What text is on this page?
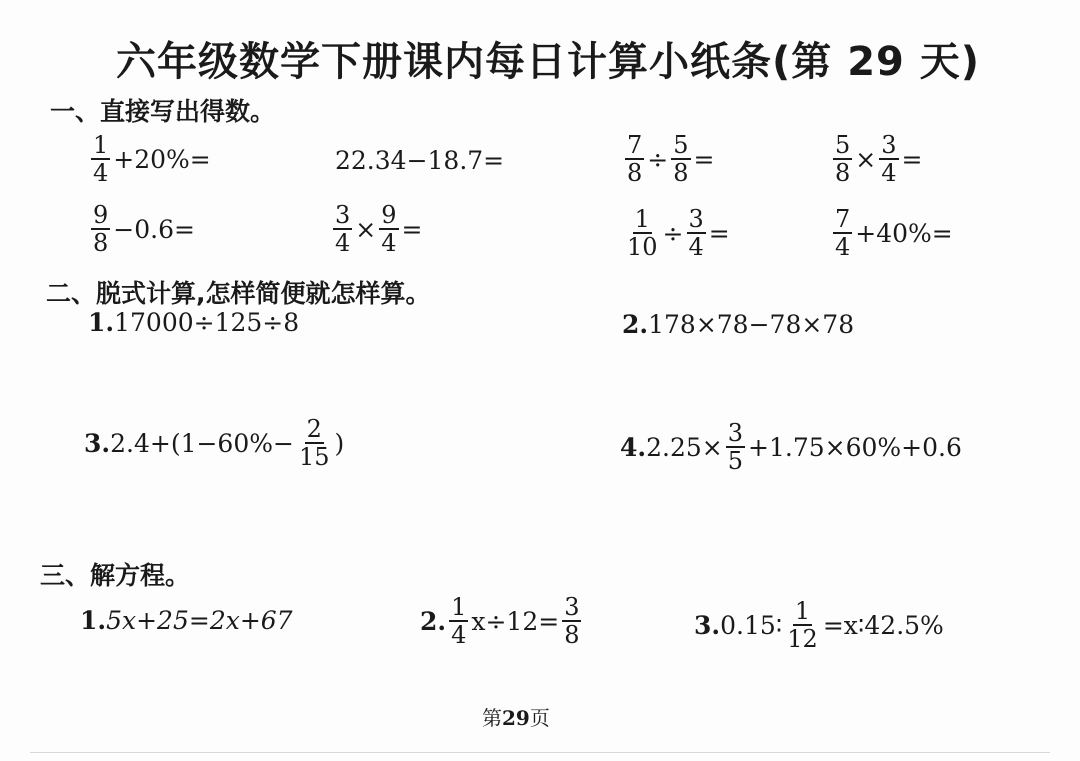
六年级数学下册课内每日计算小纸条(第 29 天)
一、直接写出得数。
$\frac{1}{4} +20\%=$	22.34−18.7=	$\frac{7}{8} \div \frac{5}{8}$ =	$\frac{5}{8} \times \frac{3}{4}$ =
$\frac{9}{8} -0.6=$	$\frac{3}{4} \times \frac{9}{4}$ =	$\frac{1}{10} \div \frac{3}{4}$ =	$\frac{7}{4} +40\%=$
二、脱式计算,怎样简便就怎样算。
1. 17000÷125÷8	2. 178×78−78×78
3. $2.4+(1-60\%- \frac{2}{15}$ )	4. $2.25\times \frac{3}{5} +1.75\times 60\%+0.6$
三、解方程。
1. 5x+25=2x+67	2. $\frac{1}{4} x\div 12= \frac{3}{8}$	3. 0.15∶ $\frac{1}{12}$ =x∶42.5%
第29页
